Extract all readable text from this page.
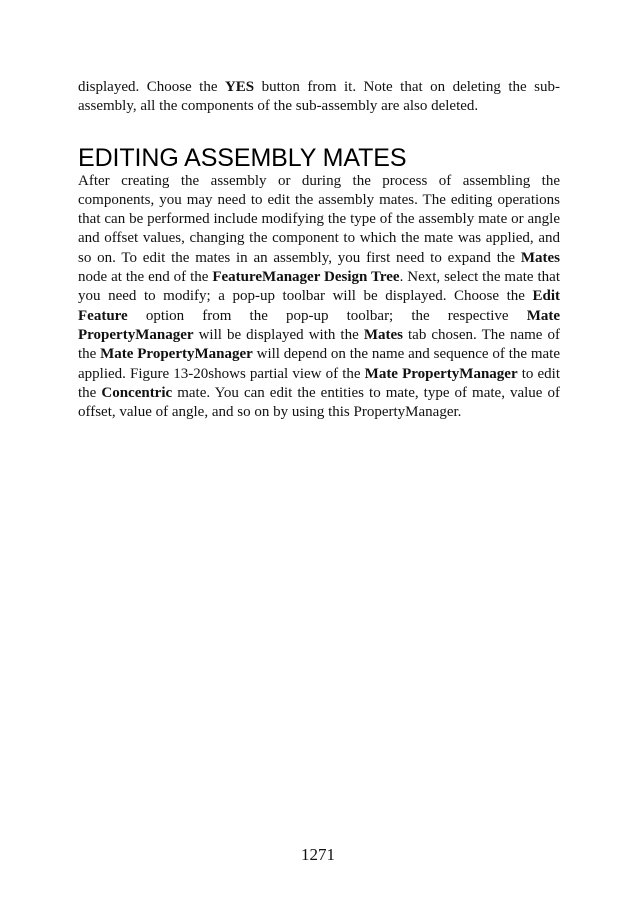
displayed. Choose the YES button from it. Note that on deleting the sub-assembly, all the components of the sub-assembly are also deleted.

EDITING ASSEMBLY MATES

After creating the assembly or during the process of assembling the components, you may need to edit the assembly mates. The editing operations that can be performed include modifying the type of the assembly mate or angle and offset values, changing the component to which the mate was applied, and so on. To edit the mates in an assembly, you first need to expand the Mates node at the end of the FeatureManager Design Tree. Next, select the mate that you need to modify; a pop-up toolbar will be displayed. Choose the Edit Feature option from the pop-up toolbar; the respective Mate PropertyManager will be displayed with the Mates tab chosen. The name of the Mate PropertyManager will depend on the name and sequence of the mate applied. Figure 13-20shows partial view of the Mate PropertyManager to edit the Concentric mate. You can edit the entities to mate, type of mate, value of offset, value of angle, and so on by using this PropertyManager.

1271
